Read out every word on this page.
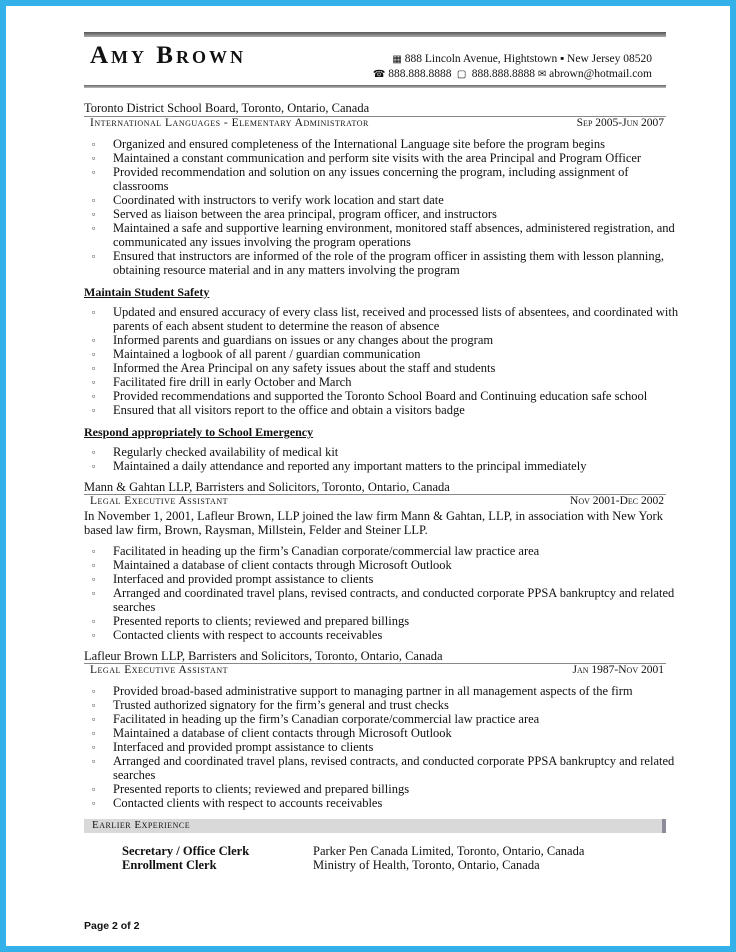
Amy Brown	▦ 888 Lincoln Avenue, Hightstown ▪ New Jersey 08520
☎ 888.888.8888  ▢  888.888.8888 ✉ abrown@hotmail.com
Toronto District School Board, Toronto, Ontario, Canada
International Languages - Elementary Administrator	Sep 2005-Jun 2007
▫ Organized and ensured completeness of the International Language site before the program begins
▫ Maintained a constant communication and perform site visits with the area Principal and Program Officer
▫ Provided recommendation and solution on any issues concerning the program, including assignment of classrooms
▫ Coordinated with instructors to verify work location and start date
▫ Served as liaison between the area principal, program officer, and instructors
▫ Maintained a safe and supportive learning environment, monitored staff absences, administered registration, and communicated any issues involving the program operations
▫ Ensured that instructors are informed of the role of the program officer in assisting them with lesson planning, obtaining resource material and in any matters involving the program
Maintain Student Safety
▫ Updated and ensured accuracy of every class list, received and processed lists of absentees, and coordinated with parents of each absent student to determine the reason of absence
▫ Informed parents and guardians on issues or any changes about the program
▫ Maintained a logbook of all parent / guardian communication
▫ Informed the Area Principal on any safety issues about the staff and students
▫ Facilitated fire drill in early October and March
▫ Provided recommendations and supported the Toronto School Board and Continuing education safe school
▫ Ensured that all visitors report to the office and obtain a visitors badge
Respond appropriately to School Emergency
▫ Regularly checked availability of medical kit
▫ Maintained a daily attendance and reported any important matters to the principal immediately
Mann & Gahtan LLP, Barristers and Solicitors, Toronto, Ontario, Canada
Legal Executive Assistant	Nov 2001-Dec 2002
In November 1, 2001, Lafleur Brown, LLP joined the law firm Mann & Gahtan, LLP, in association with New York
based law firm, Brown, Raysman, Millstein, Felder and Steiner LLP.
▫ Facilitated in heading up the firm’s Canadian corporate/commercial law practice area
▫ Maintained a database of client contacts through Microsoft Outlook
▫ Interfaced and provided prompt assistance to clients
▫ Arranged and coordinated travel plans, revised contracts, and conducted corporate PPSA bankruptcy and related searches
▫ Presented reports to clients; reviewed and prepared billings
▫ Contacted clients with respect to accounts receivables
Lafleur Brown LLP, Barristers and Solicitors, Toronto, Ontario, Canada
Legal Executive Assistant	Jan 1987-Nov 2001
▫ Provided broad-based administrative support to managing partner in all management aspects of the firm
▫ Trusted authorized signatory for the firm’s general and trust checks
▫ Facilitated in heading up the firm’s Canadian corporate/commercial law practice area
▫ Maintained a database of client contacts through Microsoft Outlook
▫ Interfaced and provided prompt assistance to clients
▫ Arranged and coordinated travel plans, revised contracts, and conducted corporate PPSA bankruptcy and related searches
▫ Presented reports to clients; reviewed and prepared billings
▫ Contacted clients with respect to accounts receivables
Earlier Experience
Secretary / Office Clerk	Parker Pen Canada Limited, Toronto, Ontario, Canada
Enrollment Clerk	Ministry of Health, Toronto, Ontario, Canada
Page 2 of 2
